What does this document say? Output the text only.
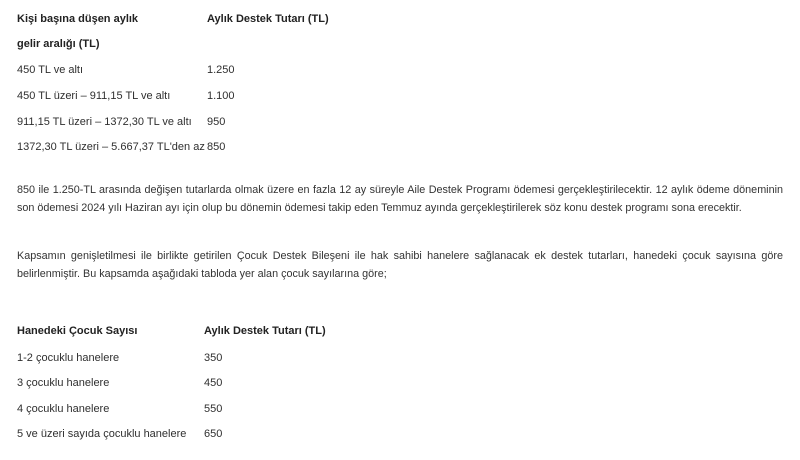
Kişi başına düşen aylık	Aylık Destek Tutarı (TL)
gelir aralığı (TL)
450 TL ve altı	1.250
450 TL üzeri – 911,15 TL ve altı	1.100
911,15 TL üzeri – 1372,30 TL ve altı 950
1372,30 TL üzeri – 5.667,37 TL'den az 850

850 ile 1.250-TL arasında değişen tutarlarda olmak üzere en fazla 12 ay süreyle Aile Destek Programı ödemesi gerçekleştirilecektir. 12 aylık ödeme döneminin son ödemesi 2024 yılı Haziran ayı için olup bu dönemin ödemesi takip eden Temmuz ayında gerçekleştirilerek söz konu destek programı sona erecektir.

Kapsamın genişletilmesi ile birlikte getirilen Çocuk Destek Bileşeni ile hak sahibi hanelere sağlanacak ek destek tutarları, hanedeki çocuk sayısına göre belirlenmiştir. Bu kapsamda aşağıdaki tabloda yer alan çocuk sayılarına göre;

Hanedeki Çocuk Sayısı	Aylık Destek Tutarı (TL)
1-2 çocuklu hanelere	350
3 çocuklu hanelere	450
4 çocuklu hanelere	550
5 ve üzeri sayıda çocuklu hanelere 650
